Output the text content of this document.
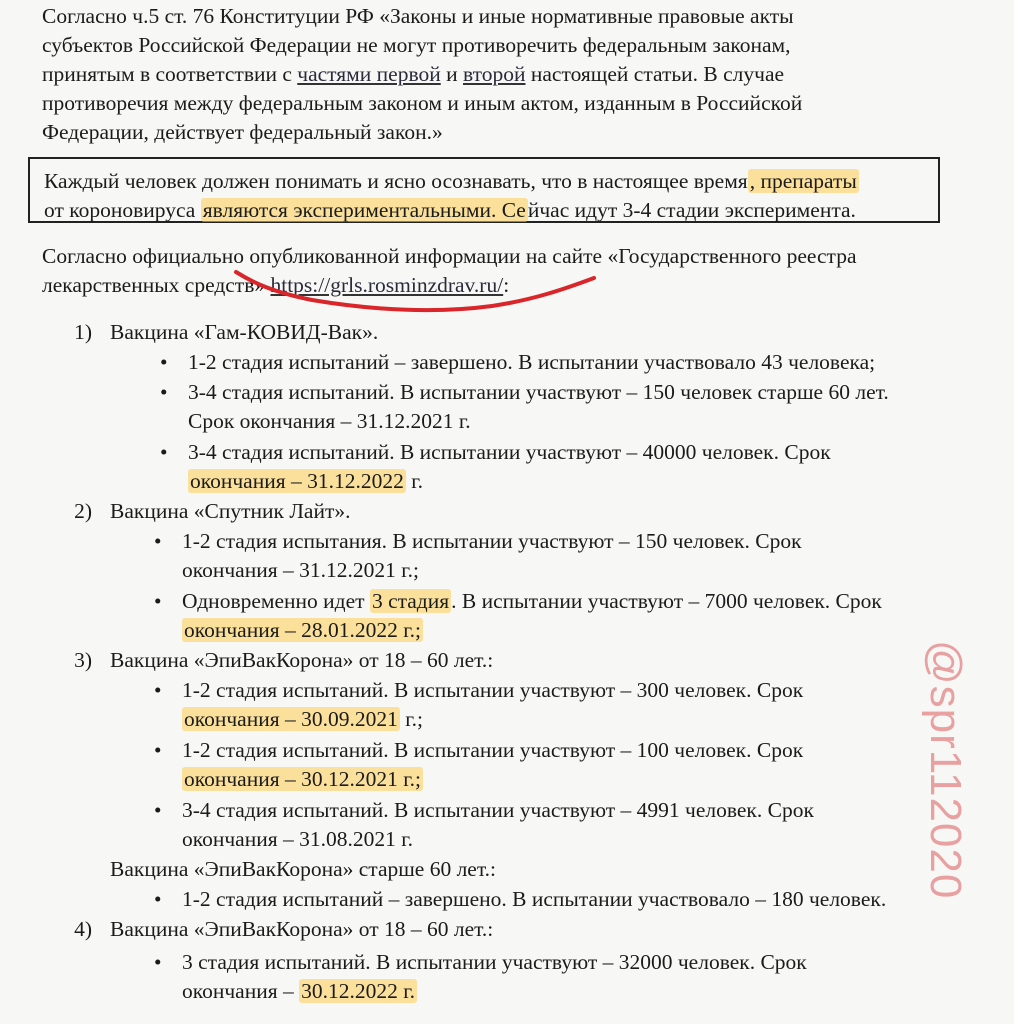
Согласно ч.5 ст. 76 Конституции РФ «Законы и иные нормативные правовые акты
субъектов Российской Федерации не могут противоречить федеральным законам,
принятым в соответствии с частями первой и второй настоящей статьи. В случае
противоречия между федеральным законом и иным актом, изданным в Российской
Федерации, действует федеральный закон.»
Каждый человек должен понимать и ясно осознавать, что в настоящее время, препараты
от короновируса являются экспериментальными. Сейчас идут 3-4 стадии эксперимента.
Согласно официально опубликованной информации на сайте «Государственного реестра
лекарственных средств» https://grls.rosminzdrav.ru/:
1) Вакцина «Гам-КОВИД-Вак».
• 1-2 стадия испытаний – завершено. В испытании участвовало 43 человека;
• 3-4 стадия испытаний. В испытании участвуют – 150 человек старше 60 лет.
Срок окончания – 31.12.2021 г.
• 3-4 стадия испытаний. В испытании участвуют – 40000 человек. Срок
окончания – 31.12.2022 г.
2) Вакцина «Спутник Лайт».
• 1-2 стадия испытания. В испытании участвуют – 150 человек. Срок
окончания – 31.12.2021 г.;
• Одновременно идет 3 стадия. В испытании участвуют – 7000 человек. Срок
окончания – 28.01.2022 г.;
3) Вакцина «ЭпиВакКорона» от 18 – 60 лет.:
• 1-2 стадия испытаний. В испытании участвуют – 300 человек. Срок
окончания – 30.09.2021 г.;
• 1-2 стадия испытаний. В испытании участвуют – 100 человек. Срок
окончания – 30.12.2021 г.;
• 3-4 стадия испытаний. В испытании участвуют – 4991 человек. Срок
окончания – 31.08.2021 г.
Вакцина «ЭпиВакКорона» старше 60 лет.:
• 1-2 стадия испытаний – завершено. В испытании участвовало – 180 человек.
4) Вакцина «ЭпиВакКорона» от 18 – 60 лет.:
• 3 стадия испытаний. В испытании участвуют – 32000 человек. Срок
окончания – 30.12.2022 г.
@spr112020
